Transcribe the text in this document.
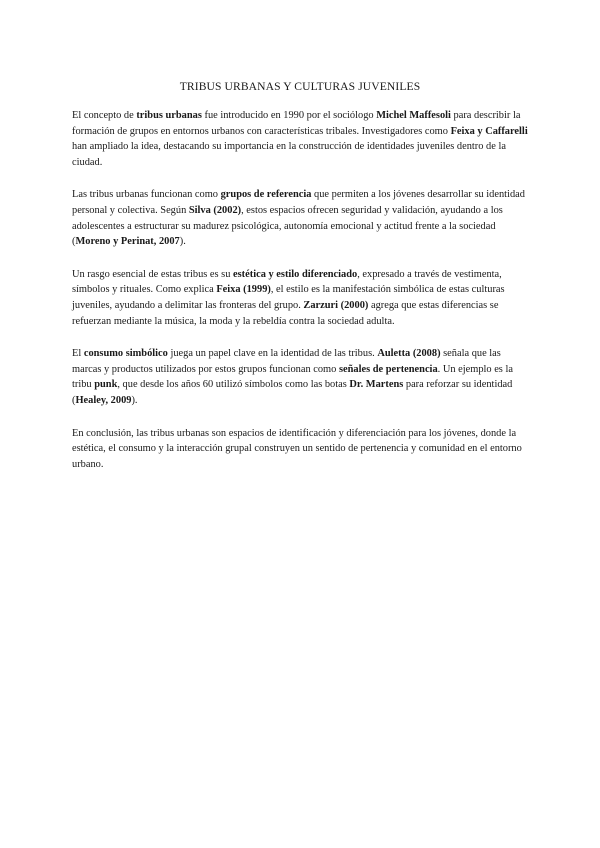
TRIBUS URBANAS Y CULTURAS JUVENILES

El concepto de tribus urbanas fue introducido en 1990 por el sociólogo Michel Maffesoli para describir la formación de grupos en entornos urbanos con características tribales. Investigadores como Feixa y Caffarelli han ampliado la idea, destacando su importancia en la construcción de identidades juveniles dentro de la ciudad.

Las tribus urbanas funcionan como grupos de referencia que permiten a los jóvenes desarrollar su identidad personal y colectiva. Según Silva (2002), estos espacios ofrecen seguridad y validación, ayudando a los adolescentes a estructurar su madurez psicológica, autonomía emocional y actitud frente a la sociedad (Moreno y Perinat, 2007).

Un rasgo esencial de estas tribus es su estética y estilo diferenciado, expresado a través de vestimenta, símbolos y rituales. Como explica Feixa (1999), el estilo es la manifestación simbólica de estas culturas juveniles, ayudando a delimitar las fronteras del grupo. Zarzuri (2000) agrega que estas diferencias se refuerzan mediante la música, la moda y la rebeldía contra la sociedad adulta.

El consumo simbólico juega un papel clave en la identidad de las tribus. Auletta (2008) señala que las marcas y productos utilizados por estos grupos funcionan como señales de pertenencia. Un ejemplo es la tribu punk, que desde los años 60 utilizó símbolos como las botas Dr. Martens para reforzar su identidad (Healey, 2009).

En conclusión, las tribus urbanas son espacios de identificación y diferenciación para los jóvenes, donde la estética, el consumo y la interacción grupal construyen un sentido de pertenencia y comunidad en el entorno urbano.
